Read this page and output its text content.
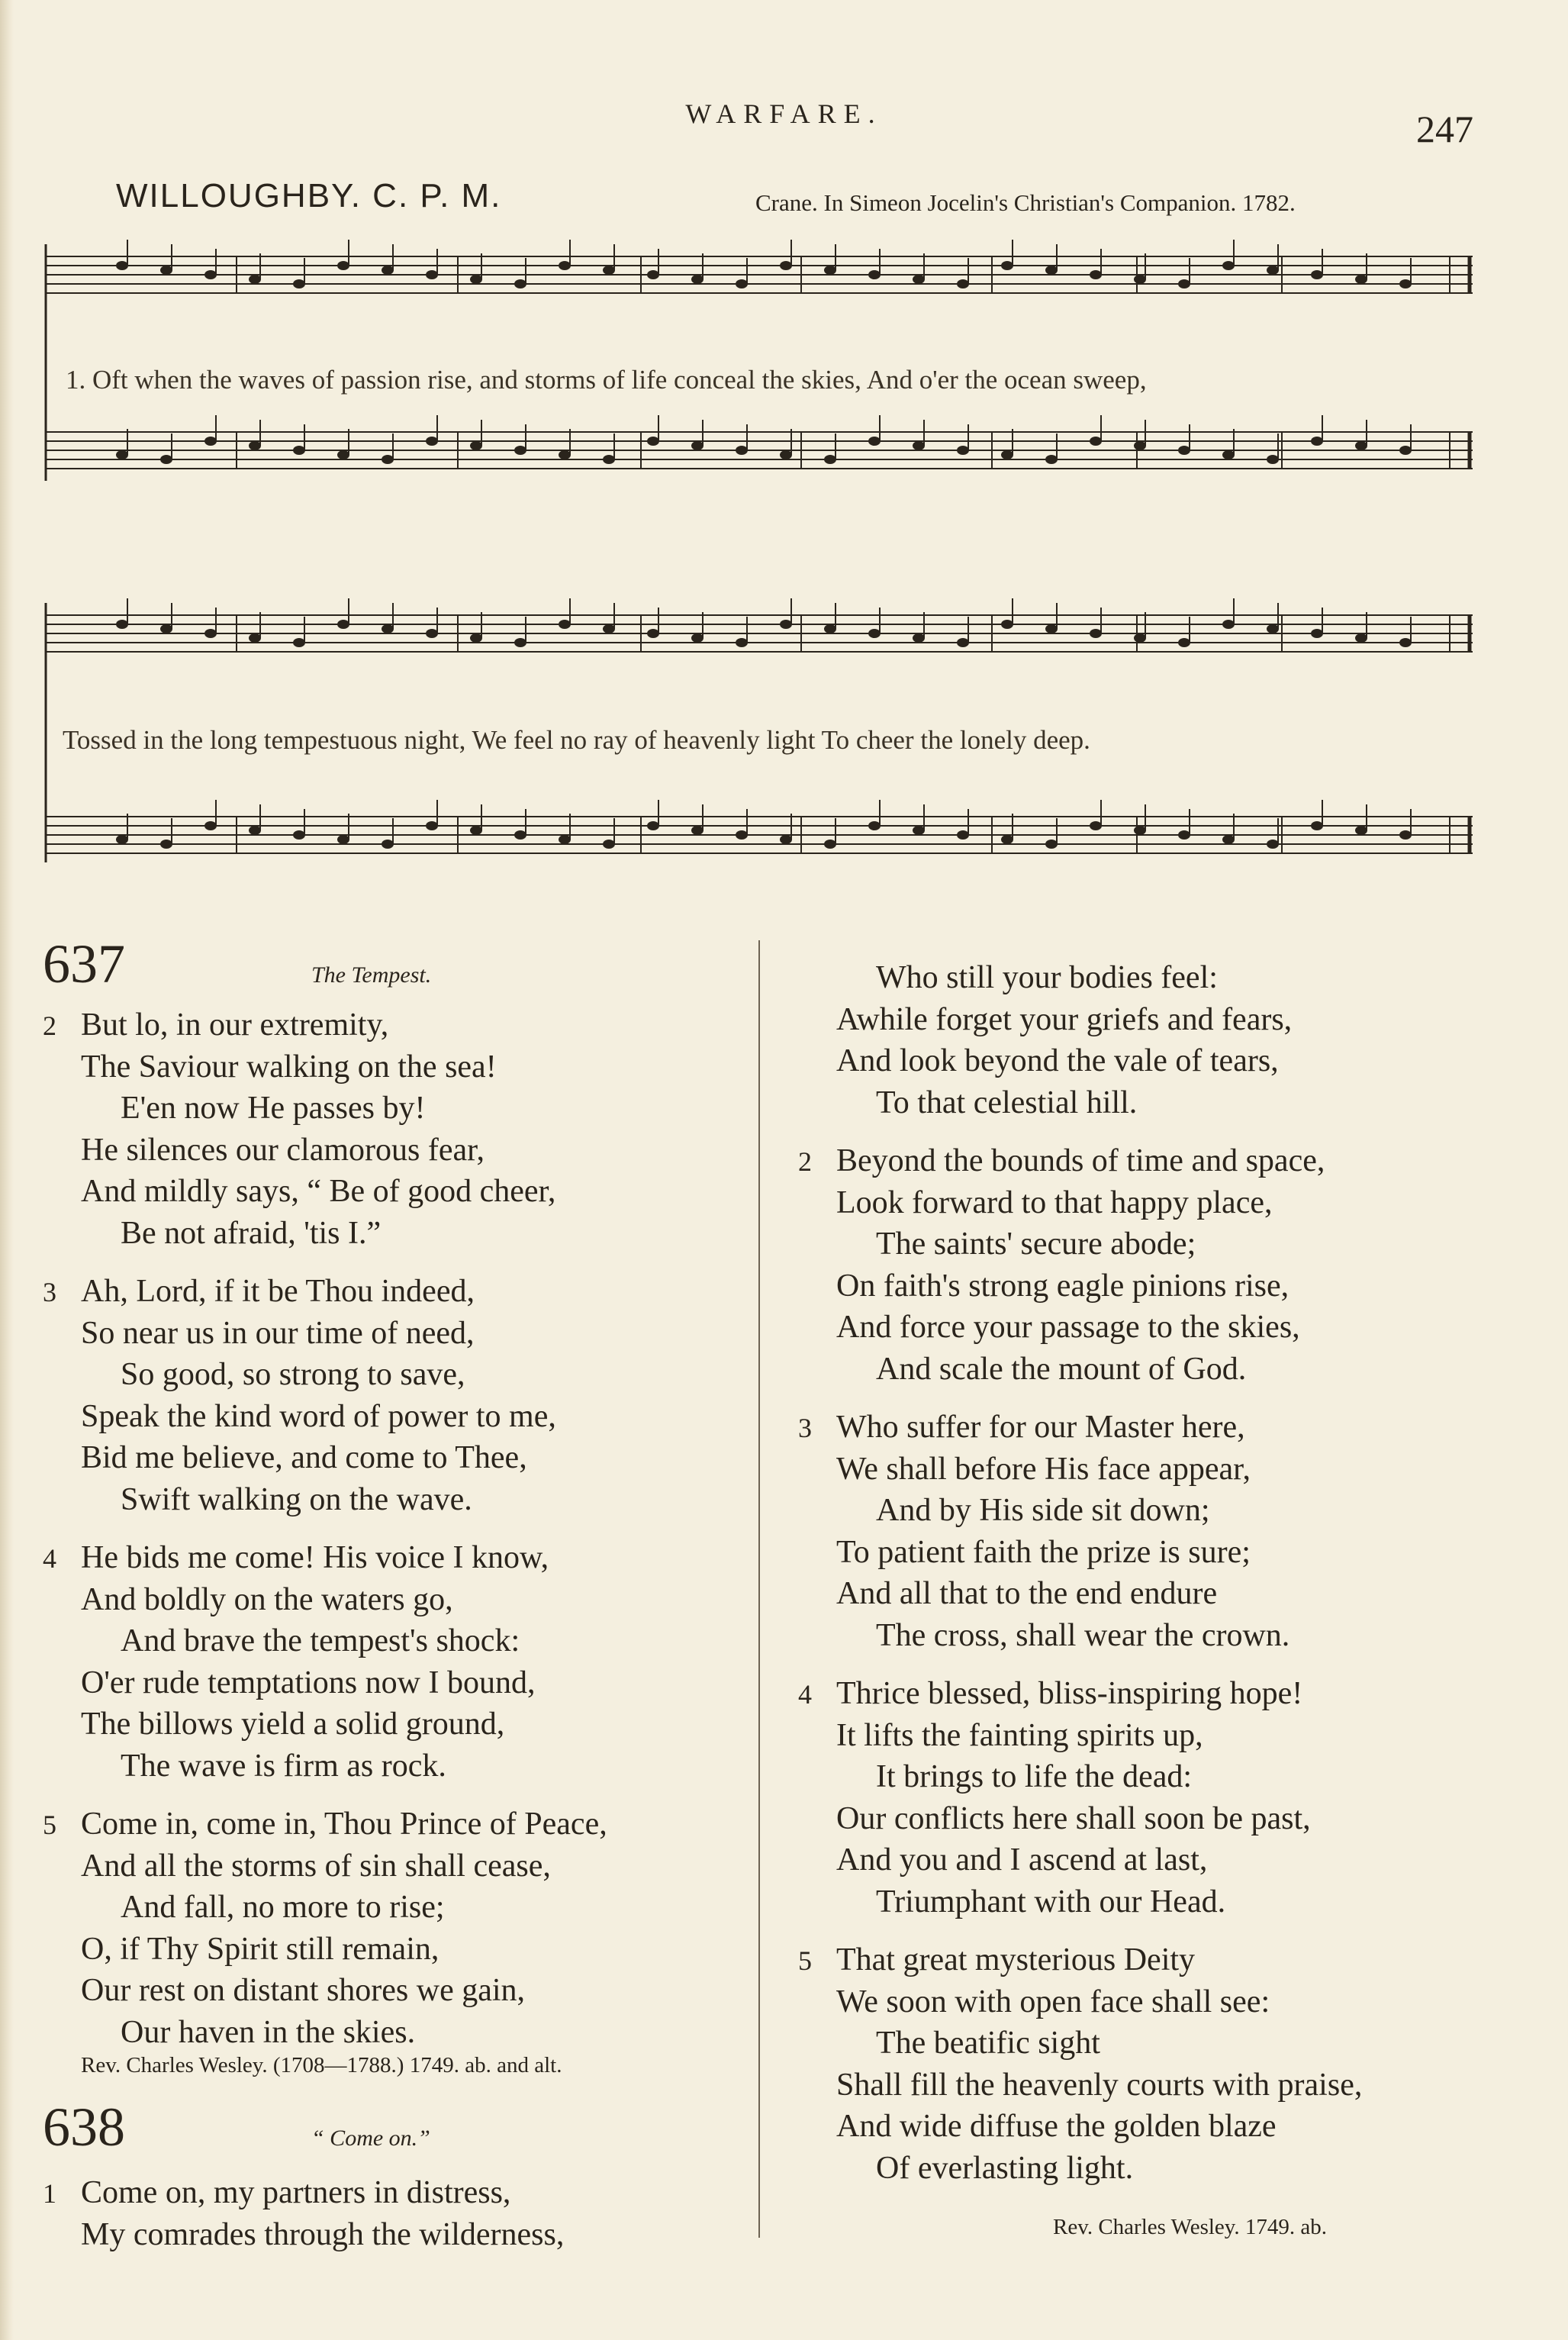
WARFARE.	247
WILLOUGHBY. C. P. M.	Crane. In Simeon Jocelin's Christian's Companion. 1782.
1. Oft when the waves of passion rise, and storms of life conceal the skies, And o'er the ocean sweep,
Tossed in the long tempestuous night, We feel no ray of heavenly light To cheer the lonely deep.
637	The Tempest.
2 But lo, in our extremity,
The Saviour walking on the sea!
E'en now He passes by!
He silences our clamorous fear,
And mildly says, “ Be of good cheer,
Be not afraid, 'tis I.”
3 Ah, Lord, if it be Thou indeed,
So near us in our time of need,
So good, so strong to save,
Speak the kind word of power to me,
Bid me believe, and come to Thee,
Swift walking on the wave.
4 He bids me come! His voice I know,
And boldly on the waters go,
And brave the tempest's shock:
O'er rude temptations now I bound,
The billows yield a solid ground,
The wave is firm as rock.
5 Come in, come in, Thou Prince of Peace,
And all the storms of sin shall cease,
And fall, no more to rise;
O, if Thy Spirit still remain,
Our rest on distant shores we gain,
Our haven in the skies.
Rev. Charles Wesley. (1708—1788.) 1749. ab. and alt.
638	“ Come on.”
1 Come on, my partners in distress,
My comrades through the wilderness,
Who still your bodies feel:
Awhile forget your griefs and fears,
And look beyond the vale of tears,
To that celestial hill.
2 Beyond the bounds of time and space,
Look forward to that happy place,
The saints' secure abode;
On faith's strong eagle pinions rise,
And force your passage to the skies,
And scale the mount of God.
3 Who suffer for our Master here,
We shall before His face appear,
And by His side sit down;
To patient faith the prize is sure;
And all that to the end endure
The cross, shall wear the crown.
4 Thrice blessed, bliss-inspiring hope!
It lifts the fainting spirits up,
It brings to life the dead:
Our conflicts here shall soon be past,
And you and I ascend at last,
Triumphant with our Head.
5 That great mysterious Deity
We soon with open face shall see:
The beatific sight
Shall fill the heavenly courts with praise,
And wide diffuse the golden blaze
Of everlasting light.
Rev. Charles Wesley. 1749. ab.
